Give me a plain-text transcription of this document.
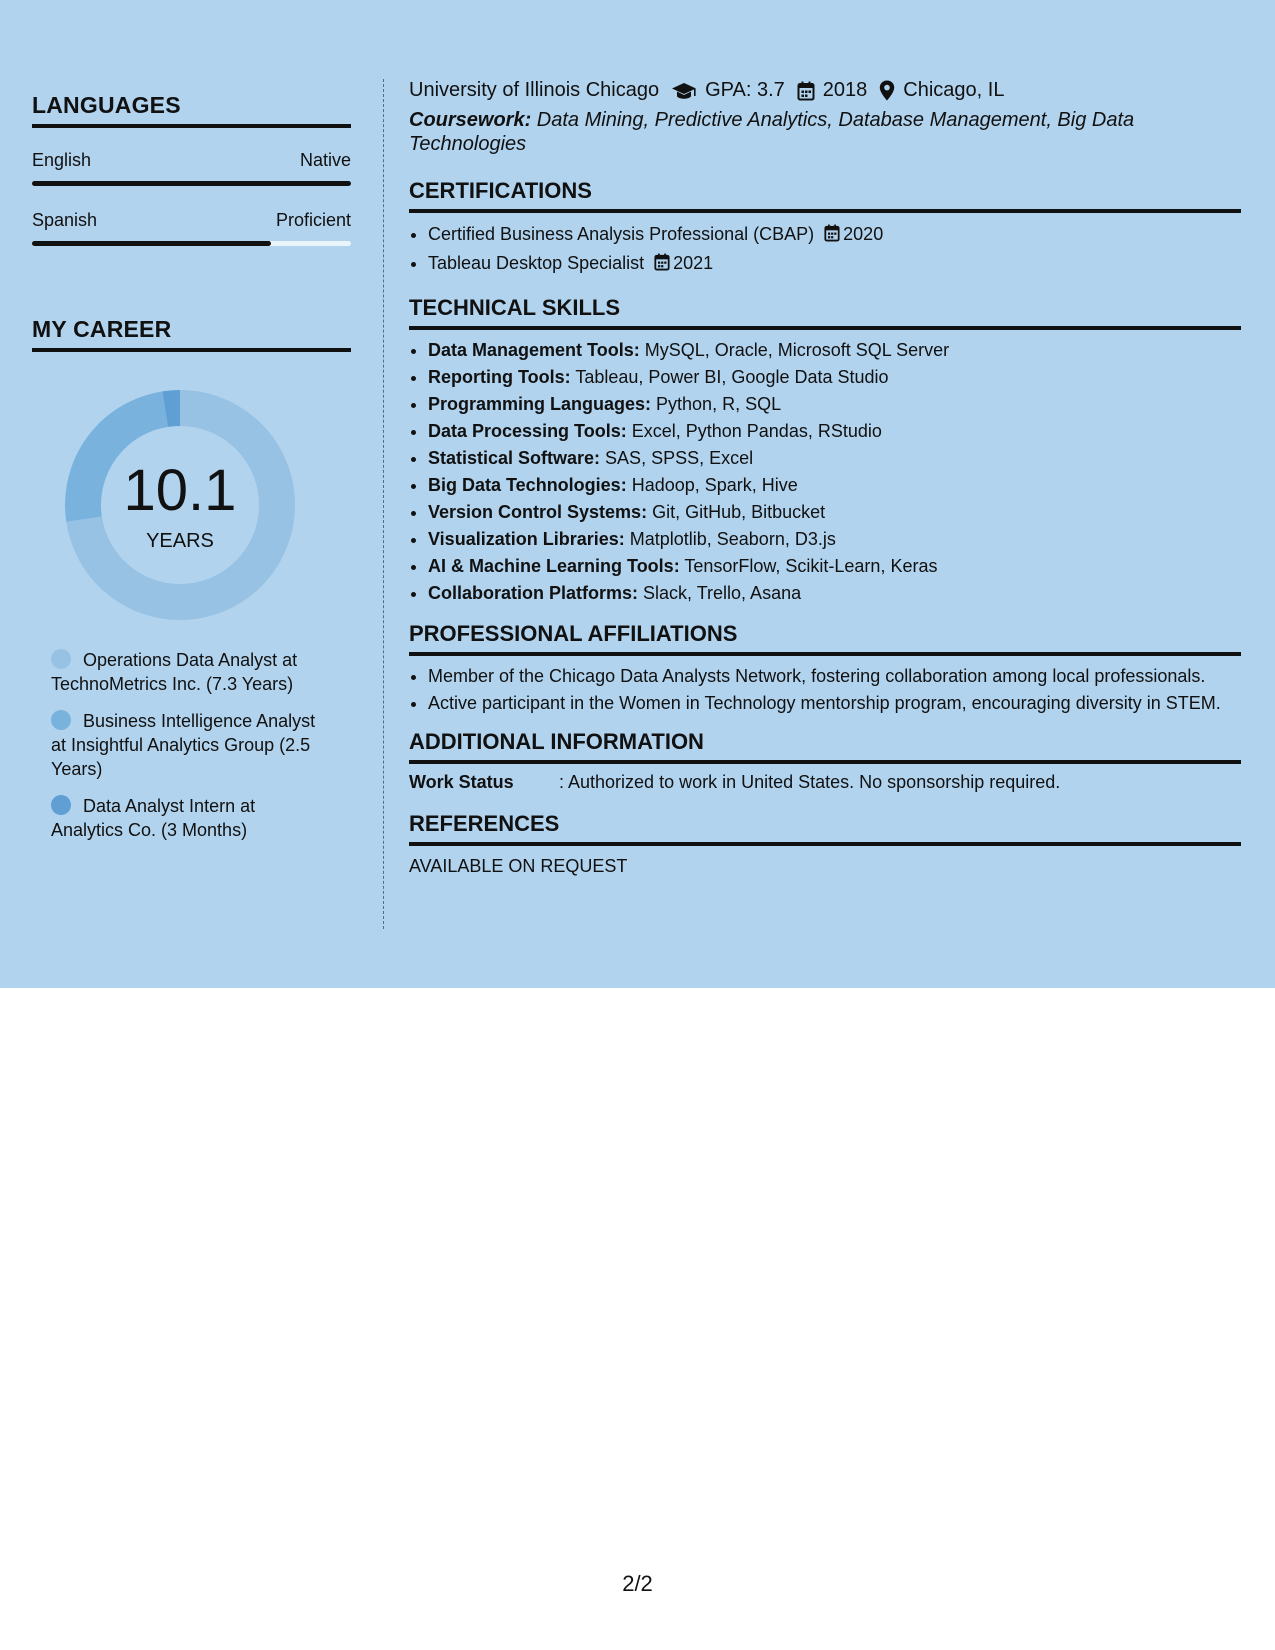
LANGUAGES
English	Native
Spanish	Proficient
MY CAREER
10.1
YEARS
Operations Data Analyst at TechnoMetrics Inc. (7.3 Years)
Business Intelligence Analyst at Insightful Analytics Group (2.5 Years)
Data Analyst Intern at Analytics Co. (3 Months)
University of Illinois Chicago GPA: 3.7 2018 Chicago, IL
Coursework: Data Mining, Predictive Analytics, Database Management, Big Data Technologies
CERTIFICATIONS
• Certified Business Analysis Professional (CBAP) 2020
• Tableau Desktop Specialist 2021
TECHNICAL SKILLS
• Data Management Tools: MySQL, Oracle, Microsoft SQL Server
• Reporting Tools: Tableau, Power BI, Google Data Studio
• Programming Languages: Python, R, SQL
• Data Processing Tools: Excel, Python Pandas, RStudio
• Statistical Software: SAS, SPSS, Excel
• Big Data Technologies: Hadoop, Spark, Hive
• Version Control Systems: Git, GitHub, Bitbucket
• Visualization Libraries: Matplotlib, Seaborn, D3.js
• AI & Machine Learning Tools: TensorFlow, Scikit-Learn, Keras
• Collaboration Platforms: Slack, Trello, Asana
PROFESSIONAL AFFILIATIONS
• Member of the Chicago Data Analysts Network, fostering collaboration among local professionals.
• Active participant in the Women in Technology mentorship program, encouraging diversity in STEM.
ADDITIONAL INFORMATION
Work Status	: Authorized to work in United States. No sponsorship required.
REFERENCES
AVAILABLE ON REQUEST
2/2
